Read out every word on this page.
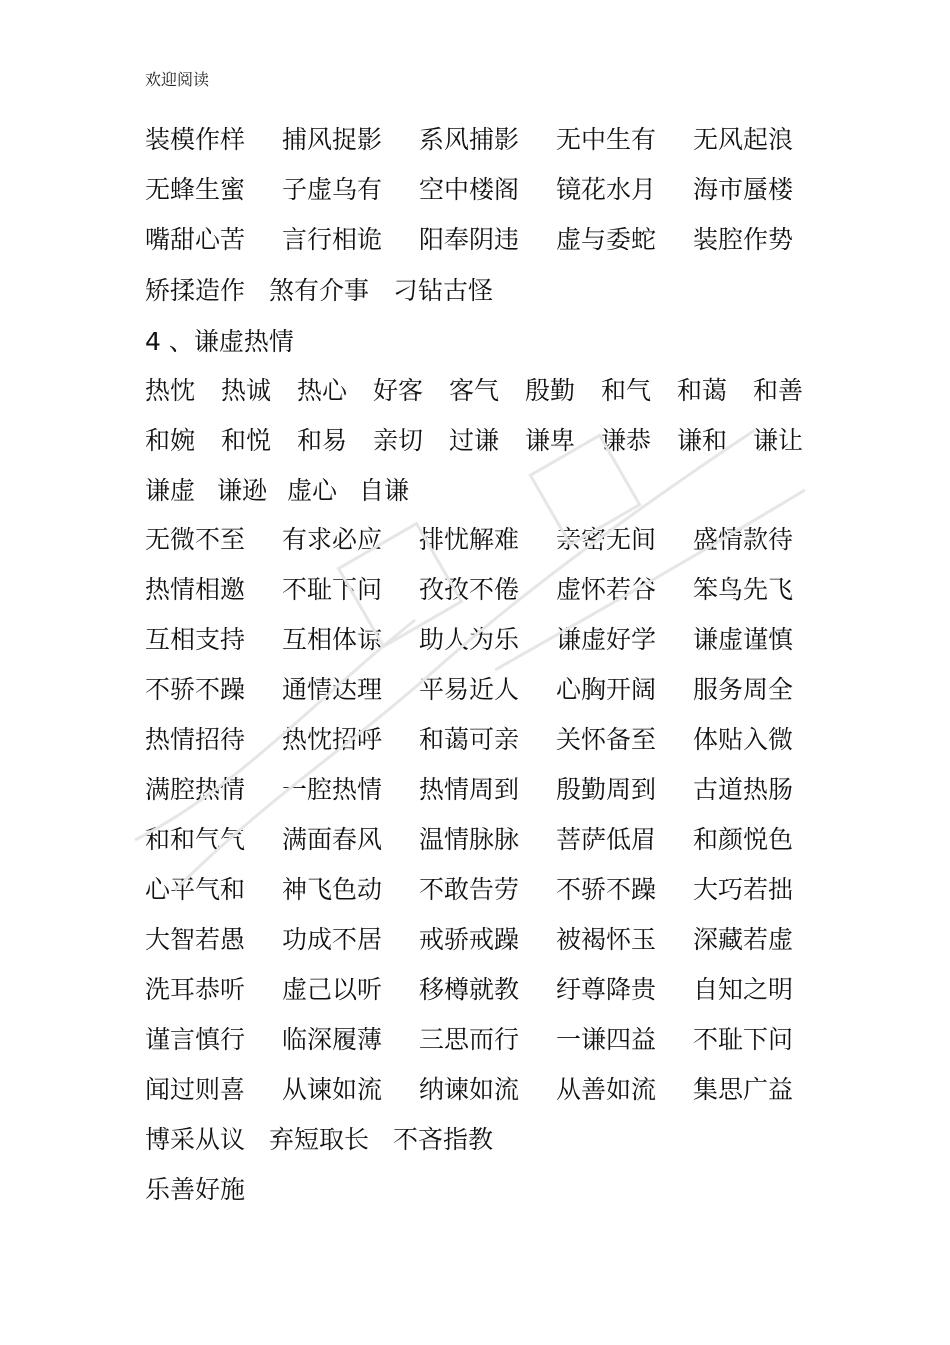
欢迎阅读
装模作样	捕风捉影	系风捕影	无中生有	无风起浪
无蜂生蜜	子虚乌有	空中楼阁	镜花水月	海市蜃楼
嘴甜心苦	言行相诡	阳奉阴违	虚与委蛇	装腔作势
矫揉造作 煞有介事 刁钻古怪
4 、谦虚热情
热忱	热诚	热心	好客	客气	殷勤	和气	和蔼	和善
和婉	和悦	和易	亲切	过谦	谦卑	谦恭	谦和	谦让
谦虚 谦逊 虚心 自谦
无微不至	有求必应	排忧解难	亲密无间	盛情款待
热情相邀	不耻下问	孜孜不倦	虚怀若谷	笨鸟先飞
互相支持	互相体谅	助人为乐	谦虚好学	谦虚谨慎
不骄不躁	通情达理	平易近人	心胸开阔	服务周全
热情招待	热忱招呼	和蔼可亲	关怀备至	体贴入微
满腔热情	一腔热情	热情周到	殷勤周到	古道热肠
和和气气	满面春风	温情脉脉	菩萨低眉	和颜悦色
心平气和	神飞色动	不敢告劳	不骄不躁	大巧若拙
大智若愚	功成不居	戒骄戒躁	被褐怀玉	深藏若虚
洗耳恭听	虚己以听	移樽就教	纡尊降贵	自知之明
谨言慎行	临深履薄	三思而行	一谦四益	不耻下问
闻过则喜	从谏如流	纳谏如流	从善如流	集思广益
博采从议 弃短取长 不吝指教
乐善好施
